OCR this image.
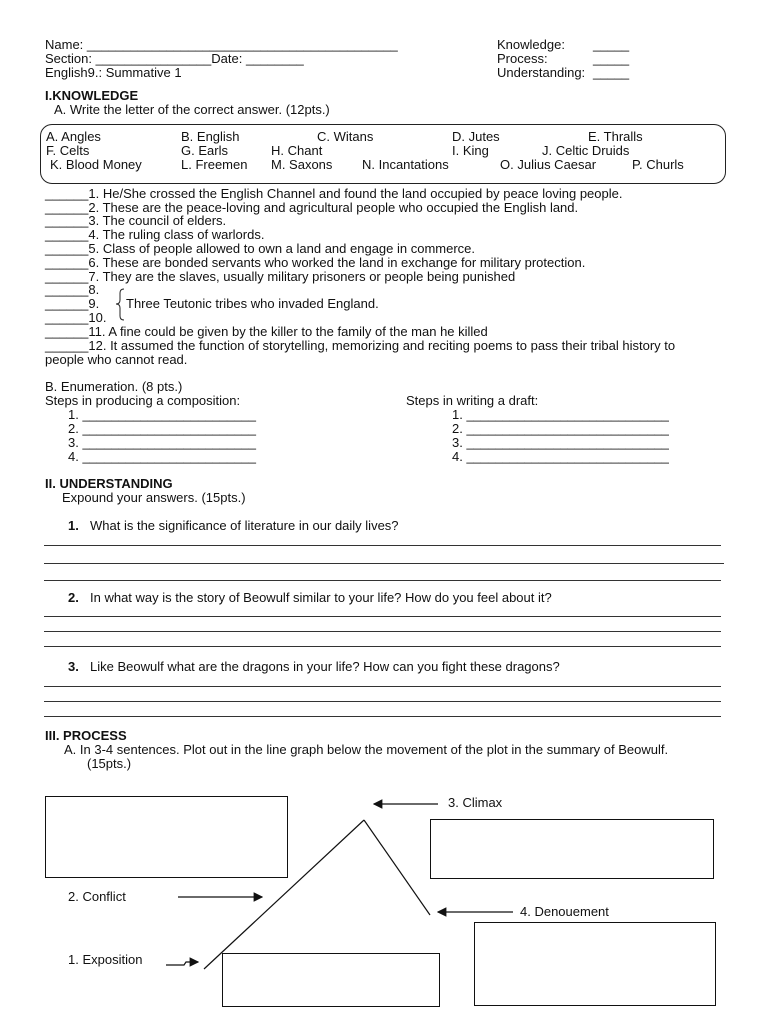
Name: ___________________________________________
Section: ________________Date: ________
English9.: Summative 1
Knowledge: _____
Process:	_____
Understanding: _____
I.KNOWLEDGE
A. Write the letter of the correct answer. (12pts.)
A. Angles	B. English	C. Witans	D. Jutes	E. Thralls
F. Celts	G. Earls	H. Chant	I. King	J. Celtic Druids
K. Blood Money	L. Freemen M. Saxons N. Incantations	O. Julius Caesar	P. Churls
______1. He/She crossed the English Channel and found the land occupied by peace loving people.
______2. These are the peace-loving and agricultural people who occupied the English land.
______3. The council of elders.
______4. The ruling class of warlords.
______5. Class of people allowed to own a land and engage in commerce.
______6. These are bonded servants who worked the land in exchange for military protection.
______7. They are the slaves, usually military prisoners or people being punished
______8.
______9.
______10.
______11. A fine could be given by the killer to the family of the man he killed
______12. It assumed the function of storytelling, memorizing and reciting poems to pass their tribal history to
people who cannot read.
Three Teutonic tribes who invaded England.
B. Enumeration. (8 pts.)
Steps in producing a composition:	Steps in writing a draft:
1. ________________________
2. ________________________
3. ________________________
4. ________________________
1. ____________________________
2. ____________________________
3. ____________________________
4. ____________________________
II. UNDERSTANDING
Expound your answers. (15pts.)
1. What is the significance of literature in our daily lives?
2. In what way is the story of Beowulf similar to your life? How do you feel about it?
3. Like Beowulf what are the dragons in your life? How can you fight these dragons?
III. PROCESS
A. In 3-4 sentences. Plot out in the line graph below the movement of the plot in the summary of Beowulf.
(15pts.)
3. Climax
2. Conflict
4. Denouement
1. Exposition
